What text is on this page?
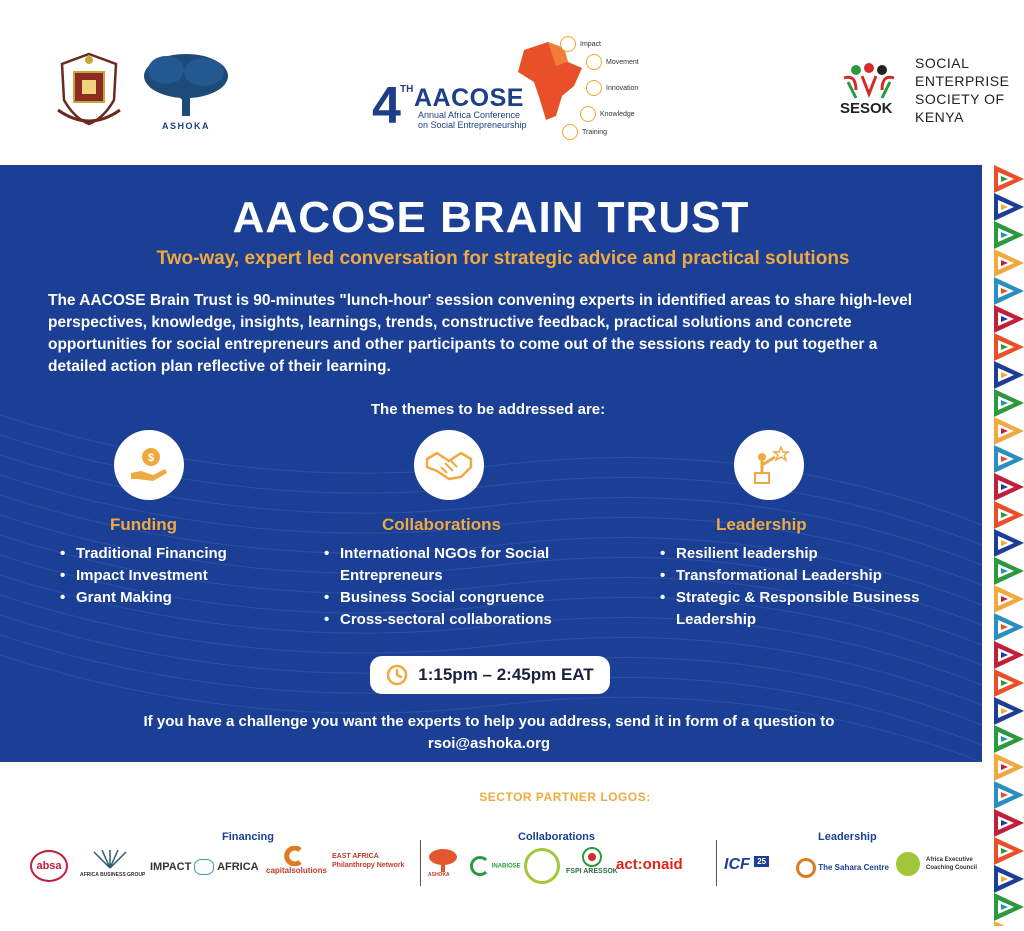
ASHOKA	4 TH AACOSE
Annual Africa Conference
on Social Entrepreneurship
Impact
Movement
Innovation
Knowledge
Training
SESOK
SOCIAL
ENTERPRISE
SOCIETY OF
KENYA
AACOSE BRAIN TRUST
Two-way, expert led conversation for strategic advice and practical solutions
The AACOSE Brain Trust is 90-minutes "lunch-hour' session convening experts in identified areas to share high-level perspectives, knowledge, insights, learnings, trends, constructive feedback, practical solutions and concrete opportunities for social entrepreneurs and other participants to come out of the sessions ready to put together a detailed action plan reflective of their learning.
The themes to be addressed are:
$
Funding
• Traditional Financing
• Impact Investment
• Grant Making
Collaborations
• International NGOs for Social Entrepreneurs
• Business Social congruence
• Cross-sectoral collaborations
Leadership
• Resilient leadership
• Transformational Leadership
• Strategic & Responsible Business Leadership
1:15pm – 2:45pm EAT
If you have a challenge you want the experts to help you address, send it in form of a question to
rsoi@ashoka.org
SECTOR PARTNER LOGOS:
Financing	Collaborations	Leadership
absa
AFRICA BUSINESS GROUP
IMPACT AFRICA capitalsolutions
EAST AFRICA
Philanthropy Network
ASHOKA
INABIOSE
FSPI ARESSOK
act:onaid	ICF 25
The Sahara Centre
Africa Executive
Coaching Council
